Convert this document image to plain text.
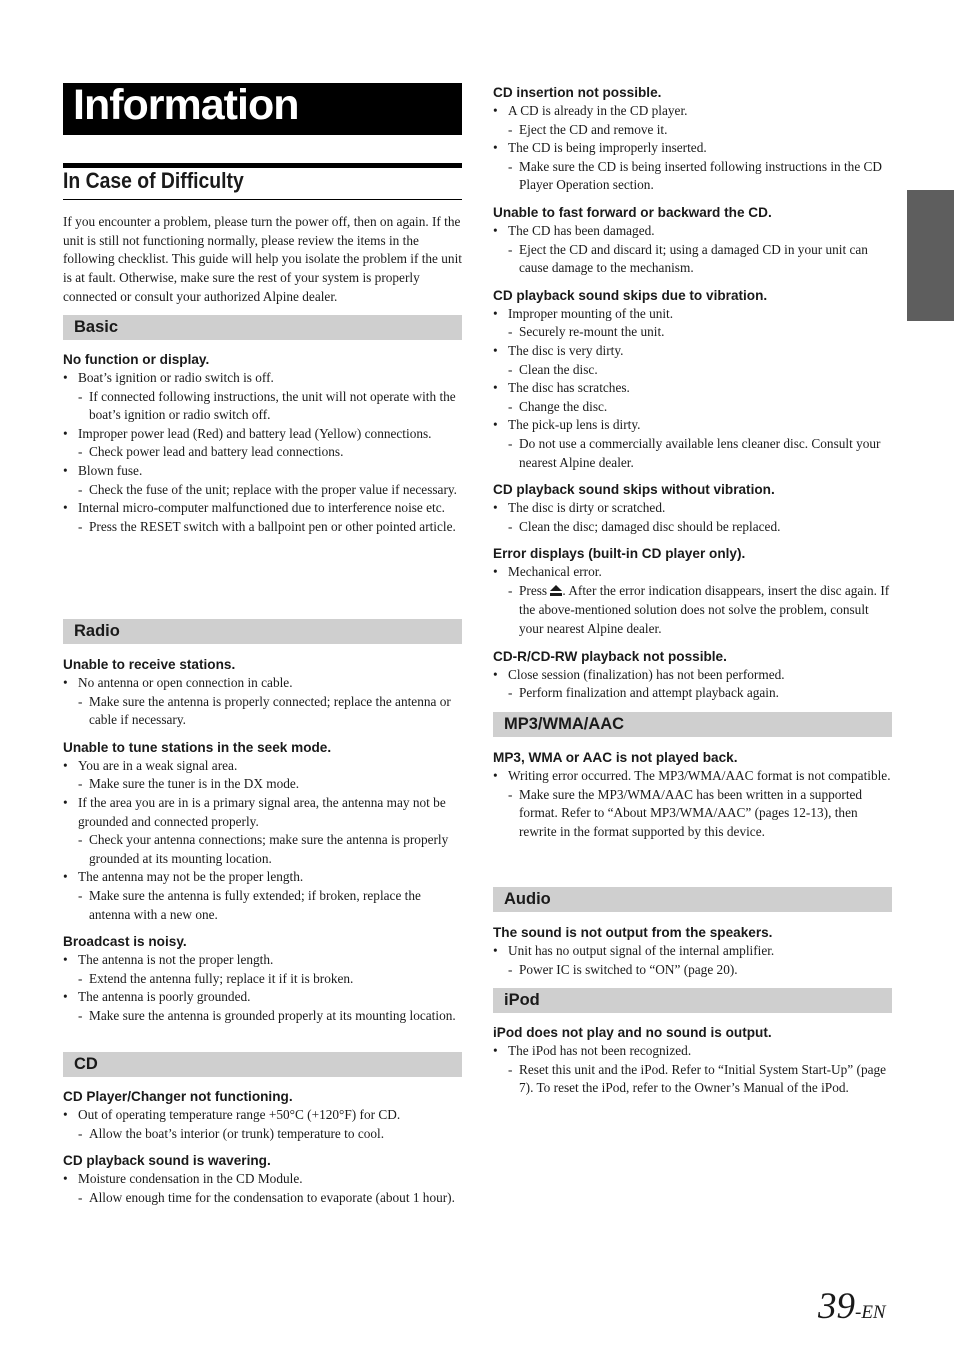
Information
In Case of Difficulty
If you encounter a problem, please turn the power off, then on again. If the unit is still not functioning normally, please review the items in the following checklist. This guide will help you isolate the problem if the unit is at fault. Otherwise, make sure the rest of your system is properly connected or consult your authorized Alpine dealer.
Basic
No function or display.
• Boat’s ignition or radio switch is off.
- If connected following instructions, the unit will not operate with the boat’s ignition or radio switch off.
• Improper power lead (Red) and battery lead (Yellow) connections.
- Check power lead and battery lead connections.
• Blown fuse.
- Check the fuse of the unit; replace with the proper value if necessary.
• Internal micro-computer malfunctioned due to interference noise etc.
- Press the RESET switch with a ballpoint pen or other pointed article.
Radio
Unable to receive stations.
• No antenna or open connection in cable.
- Make sure the antenna is properly connected; replace the antenna or cable if necessary.
Unable to tune stations in the seek mode.
• You are in a weak signal area.
- Make sure the tuner is in the DX mode.
• If the area you are in is a primary signal area, the antenna may not be grounded and connected properly.
- Check your antenna connections; make sure the antenna is properly grounded at its mounting location.
• The antenna may not be the proper length.
- Make sure the antenna is fully extended; if broken, replace the antenna with a new one.
Broadcast is noisy.
• The antenna is not the proper length.
- Extend the antenna fully; replace it if it is broken.
• The antenna is poorly grounded.
- Make sure the antenna is grounded properly at its mounting location.
CD
CD Player/Changer not functioning.
• Out of operating temperature range +50°C (+120°F) for CD.
- Allow the boat’s interior (or trunk) temperature to cool.
CD playback sound is wavering.
• Moisture condensation in the CD Module.
- Allow enough time for the condensation to evaporate (about 1 hour).
CD insertion not possible.
• A CD is already in the CD player.
- Eject the CD and remove it.
• The CD is being improperly inserted.
- Make sure the CD is being inserted following instructions in the CD Player Operation section.
Unable to fast forward or backward the CD.
• The CD has been damaged.
- Eject the CD and discard it; using a damaged CD in your unit can cause damage to the mechanism.
CD playback sound skips due to vibration.
• Improper mounting of the unit.
- Securely re-mount the unit.
• The disc is very dirty.
- Clean the disc.
• The disc has scratches.
- Change the disc.
• The pick-up lens is dirty.
- Do not use a commercially available lens cleaner disc. Consult your nearest Alpine dealer.
CD playback sound skips without vibration.
• The disc is dirty or scratched.
- Clean the disc; damaged disc should be replaced.
Error displays (built-in CD player only).
• Mechanical error.
- Press . After the error indication disappears, insert the disc again. If the above-mentioned solution does not solve the problem, consult your nearest Alpine dealer.
CD-R/CD-RW playback not possible.
• Close session (finalization) has not been performed.
- Perform finalization and attempt playback again.
MP3/WMA/AAC
MP3, WMA or AAC is not played back.
• Writing error occurred. The MP3/WMA/AAC format is not compatible.
- Make sure the MP3/WMA/AAC has been written in a supported format. Refer to “About MP3/WMA/AAC” (pages 12-13), then rewrite in the format supported by this device.
Audio
The sound is not output from the speakers.
• Unit has no output signal of the internal amplifier.
- Power IC is switched to “ON” (page 20).
iPod
iPod does not play and no sound is output.
• The iPod has not been recognized.
- Reset this unit and the iPod. Refer to “Initial System Start-Up” (page 7). To reset the iPod, refer to the Owner’s Manual of the iPod.
39-EN
